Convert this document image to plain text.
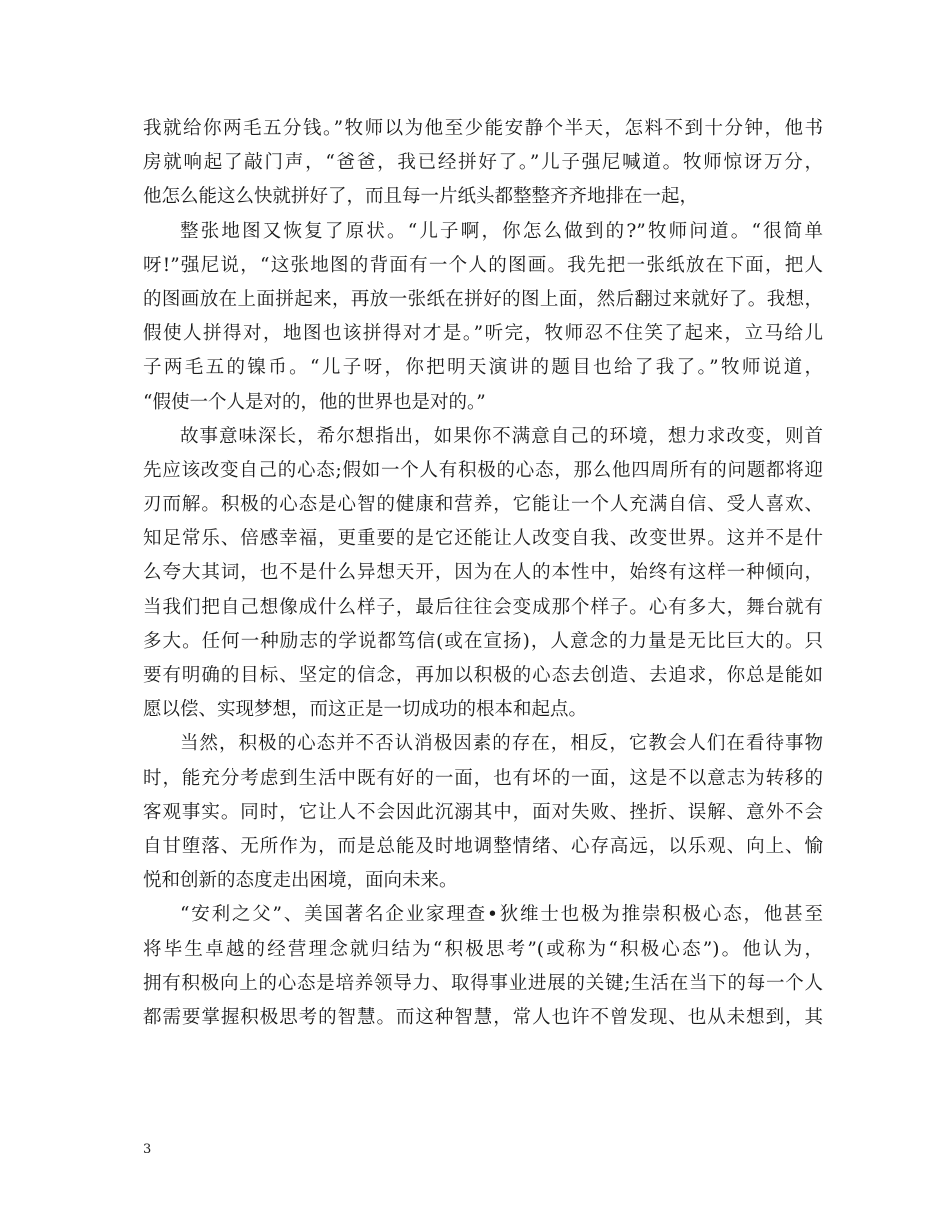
我就给你两毛五分钱。”牧师以为他至少能安静个半天，怎料不到十分钟，他书
房就响起了敲门声，“爸爸，我已经拼好了。”儿子强尼喊道。牧师惊讶万分，
他怎么能这么快就拼好了，而且每一片纸头都整整齐齐地排在一起，
整张地图又恢复了原状。“儿子啊，你怎么做到的?”牧师问道。“很简单
呀!”强尼说，“这张地图的背面有一个人的图画。我先把一张纸放在下面，把人
的图画放在上面拼起来，再放一张纸在拼好的图上面，然后翻过来就好了。我想，
假使人拼得对，地图也该拼得对才是。”听完，牧师忍不住笑了起来，立马给儿
子两毛五的镍币。“儿子呀，你把明天演讲的题目也给了我了。”牧师说道，
“假使一个人是对的，他的世界也是对的。”
故事意味深长，希尔想指出，如果你不满意自己的环境，想力求改变，则首
先应该改变自己的心态;假如一个人有积极的心态，那么他四周所有的问题都将迎
刃而解。积极的心态是心智的健康和营养，它能让一个人充满自信、受人喜欢、
知足常乐、倍感幸福，更重要的是它还能让人改变自我、改变世界。这并不是什
么夸大其词，也不是什么异想天开，因为在人的本性中，始终有这样一种倾向，
当我们把自己想像成什么样子，最后往往会变成那个样子。心有多大，舞台就有
多大。任何一种励志的学说都笃信(或在宣扬)，人意念的力量是无比巨大的。只
要有明确的目标、坚定的信念，再加以积极的心态去创造、去追求，你总是能如
愿以偿、实现梦想，而这正是一切成功的根本和起点。
当然，积极的心态并不否认消极因素的存在，相反，它教会人们在看待事物
时，能充分考虑到生活中既有好的一面，也有坏的一面，这是不以意志为转移的
客观事实。同时，它让人不会因此沉溺其中，面对失败、挫折、误解、意外不会
自甘堕落、无所作为，而是总能及时地调整情绪、心存高远，以乐观、向上、愉
悦和创新的态度走出困境，面向未来。
“安利之父”、美国著名企业家理查•狄维士也极为推崇积极心态，他甚至
将毕生卓越的经营理念就归结为“积极思考”(或称为“积极心态”)。他认为，
拥有积极向上的心态是培养领导力、取得事业进展的关键;生活在当下的每一个人
都需要掌握积极思考的智慧。而这种智慧，常人也许不曾发现、也从未想到，其
3
